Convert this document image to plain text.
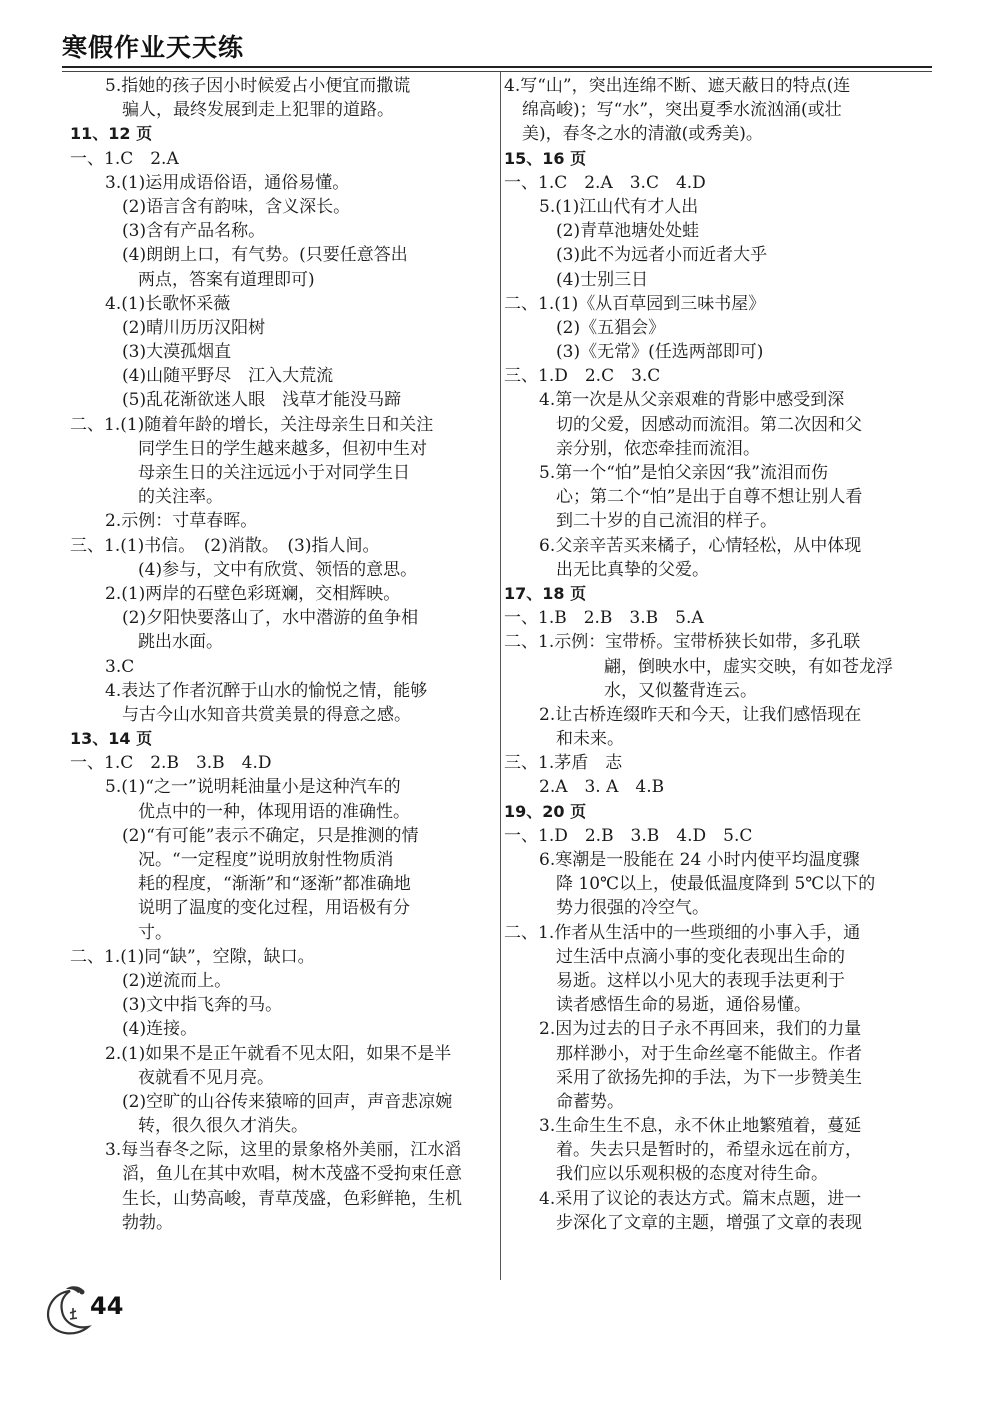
寒假作业天天练
5.指她的孩子因小时候爱占小便宜而撒谎
骗人，最终发展到走上犯罪的道路。
11、12 页
一、1.C　2.A
3.(1)运用成语俗语，通俗易懂。
(2)语言含有韵味，含义深长。
(3)含有产品名称。
(4)朗朗上口，有气势。(只要任意答出
两点，答案有道理即可)
4.(1)长歌怀采薇
(2)晴川历历汉阳树
(3)大漠孤烟直
(4)山随平野尽　江入大荒流
(5)乱花渐欲迷人眼　浅草才能没马蹄
二、1.(1)随着年龄的增长，关注母亲生日和关注
同学生日的学生越来越多，但初中生对
母亲生日的关注远远小于对同学生日
的关注率。
2.示例：寸草春晖。
三、1.(1)书信。　(2)消散。　(3)指人间。
(4)参与，文中有欣赏、领悟的意思。
2.(1)两岸的石壁色彩斑斓，交相辉映。
(2)夕阳快要落山了，水中潜游的鱼争相
跳出水面。
3.C
4.表达了作者沉醉于山水的愉悦之情，能够
与古今山水知音共赏美景的得意之感。
13、14 页
一、1.C　2.B　3.B　4.D
5.(1)“之一”说明耗油量小是这种汽车的
优点中的一种，体现用语的准确性。
(2)“有可能”表示不确定，只是推测的情
况。“一定程度”说明放射性物质消
耗的程度，“渐渐”和“逐渐”都准确地
说明了温度的变化过程，用语极有分
寸。
二、1.(1)同“缺”，空隙，缺口。
(2)逆流而上。
(3)文中指飞奔的马。
(4)连接。
2.(1)如果不是正午就看不见太阳，如果不是半
夜就看不见月亮。
(2)空旷的山谷传来猿啼的回声，声音悲凉婉
转，很久很久才消失。
3.每当春冬之际，这里的景象格外美丽，江水滔
滔，鱼儿在其中欢唱，树木茂盛不受拘束任意
生长，山势高峻，青草茂盛，色彩鲜艳，生机
勃勃。
4.写“山”，突出连绵不断、遮天蔽日的特点(连
绵高峻)；写“水”，突出夏季水流汹涌(或壮
美)，春冬之水的清澈(或秀美)。
15、16 页
一、1.C　2.A　3.C　4.D
5.(1)江山代有才人出
(2)青草池塘处处蛙
(3)此不为远者小而近者大乎
(4)士别三日
二、1.(1)《从百草园到三味书屋》
(2)《五猖会》
(3)《无常》(任选两部即可)
三、1.D　2.C　3.C
4.第一次是从父亲艰难的背影中感受到深
切的父爱，因感动而流泪。第二次因和父
亲分别，依恋牵挂而流泪。
5.第一个“怕”是怕父亲因“我”流泪而伤
心；第二个“怕”是出于自尊不想让别人看
到二十岁的自己流泪的样子。
6.父亲辛苦买来橘子，心情轻松，从中体现
出无比真挚的父爱。
17、18 页
一、1.B　2.B　3.B　5.A
二、1.示例：宝带桥。宝带桥狭长如带，多孔联
翩，倒映水中，虚实交映，有如苍龙浮
水，又似鳌背连云。
2.让古桥连缀昨天和今天，让我们感悟现在
和未来。
三、1.茅盾　志
2.A　3. A　4.B
19、20 页
一、1.D　2.B　3.B　4.D　5.C
6.寒潮是一股能在 24 小时内使平均温度骤
降 10℃以上，使最低温度降到 5℃以下的
势力很强的冷空气。
二、1.作者从生活中的一些琐细的小事入手，通
过生活中点滴小事的变化表现出生命的
易逝。这样以小见大的表现手法更利于
读者感悟生命的易逝，通俗易懂。
2.因为过去的日子永不再回来，我们的力量
那样渺小，对于生命丝毫不能做主。作者
采用了欲扬先抑的手法，为下一步赞美生
命蓄势。
3.生命生生不息，永不休止地繁殖着，蔓延
着。失去只是暂时的，希望永远在前方，
我们应以乐观积极的态度对待生命。
4.采用了议论的表达方式。篇末点题，进一
步深化了文章的主题，增强了文章的表现
44
